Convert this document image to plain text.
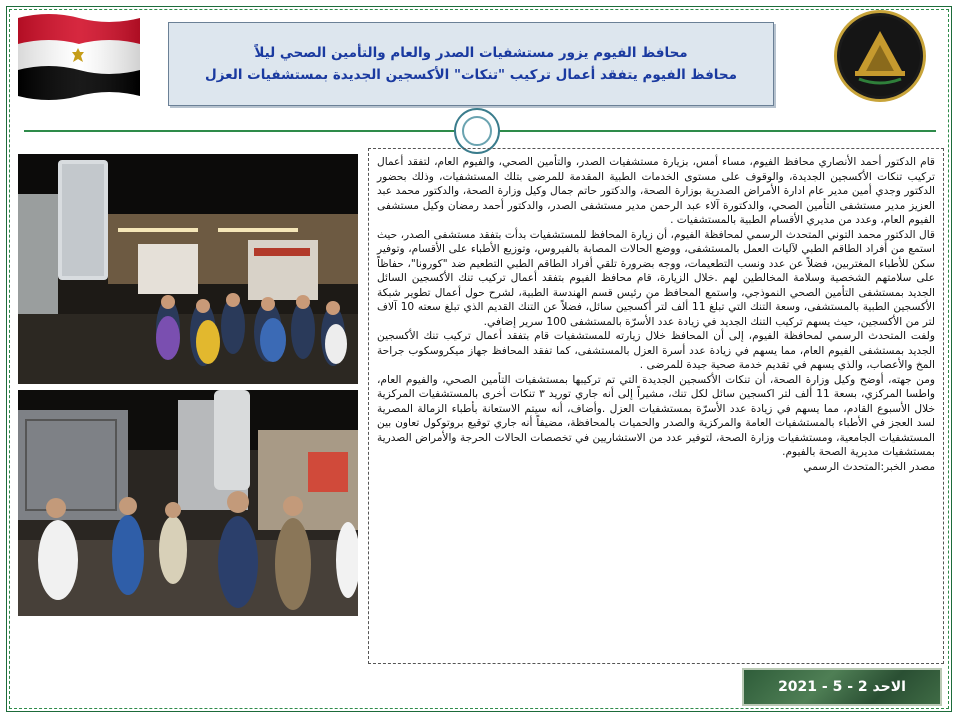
محافظ الفيوم يزور مستشفيات الصدر والعام والتأمين الصحي ليلاً
محافظ الفيوم يتفقد أعمال تركيب "تنكات" الأكسجين الجديدة بمستشفيات العزل

قام الدكتور أحمد الأنصاري محافظ الفيوم، مساء أمس، بزيارة مستشفيات الصدر، والتأمين الصحي، والفيوم العام، لتفقد أعمال تركيب تنكات الأكسجين الجديدة، والوقوف على مستوى الخدمات الطبية المقدمة للمرضى بتلك المستشفيات، وذلك بحضور الدكتور وجدي أمين مدير عام ادارة الأمراض الصدرية بوزارة الصحة، والدكتور حاتم جمال وكيل وزارة الصحة، والدكتور محمد عبد العزيز مدير مستشفى التأمين الصحي، والدكتورة آلاء عبد الرحمن مدير مستشفى الصدر، والدكتور أحمد رمضان وكيل مستشفى الفيوم العام، وعدد من مديري الأقسام الطبية بالمستشفيات .

قال الدكتور محمد التوني المتحدث الرسمي لمحافظة الفيوم، أن زيارة المحافظ للمستشفيات بدأت بتفقد مستشفى الصدر، حيث استمع من أفراد الطاقم الطبي لآليات العمل بالمستشفى، ووضع الحالات المصابة بالفيروس، وتوزيع الأطباء على الأقسام، وتوفير سكن للأطباء المغتربين، فضلاً عن عدد ونسب التطعيمات، ووجه بضرورة تلقي أفراد الطاقم الطبي التطعيم ضد "كورونا"، حفاظاً على سلامتهم الشخصية وسلامة المخالطين لهم .خلال الزيارة، قام محافظ الفيوم بتفقد أعمال تركيب تنك الأكسجين السائل الجديد بمستشفى التأمين الصحي النموذجي، واستمع المحافظ من رئيس قسم الهندسة الطبية، لشرح حول أعمال تطوير شبكة الأكسجين الطبية بالمستشفى، وسعة التنك التي تبلغ 11 ألف لتر أكسجين سائل، فضلاً عن التنك القديم الذي تبلغ سعته 10 آلاف لتر من الأكسجين، حيث يسهم تركيب التنك الجديد في زيادة عدد الأسرّة بالمستشفى 100 سرير إضافي.

ولفت المتحدث الرسمي لمحافظة الفيوم، إلى أن المحافظ خلال زيارته للمستشفيات قام بتفقد أعمال تركيب تنك الأكسجين الجديد بمستشفى الفيوم العام، مما يسهم في زيادة عدد أسرة العزل بالمستشفى، كما تفقد المحافظ جهاز ميكروسكوب جراحة المخ والأعصاب، والذي يسهم في تقديم خدمة صحية جيدة للمرضى .

ومن جهته، أوضح وكيل وزارة الصحة، أن تنكات الأكسجين الجديدة التي تم تركيبها بمستشفيات التأمين الصحي، والفيوم العام، واطسا المركزي، بسعة 11 ألف لتر اكسجين سائل لكل تنك، مشيراً إلى أنه جاري توريد ٣ تنكات أخرى بالمستشفيات المركزية خلال الأسبوع القادم، مما يسهم في زيادة عدد الأسرّة بمستشفيات العزل .وأضاف، أنه سيتم الاستعانة بأطباء الزمالة المصرية لسد العجز في الأطباء بالمستشفيات العامة والمركزية والصدر والحميات بالمحافظة، مضيفاً أنه جاري توقيع بروتوكول تعاون بين المستشفيات الجامعية، ومستشفيات وزارة الصحة، لتوفير عدد من الاستشاريين في تخصصات الحالات الحرجة والأمراض الصدرية بمستشفيات مديرية الصحة بالفيوم.

مصدر الخبر:المتحدث الرسمي

الاحد 2 - 5 - 2021
